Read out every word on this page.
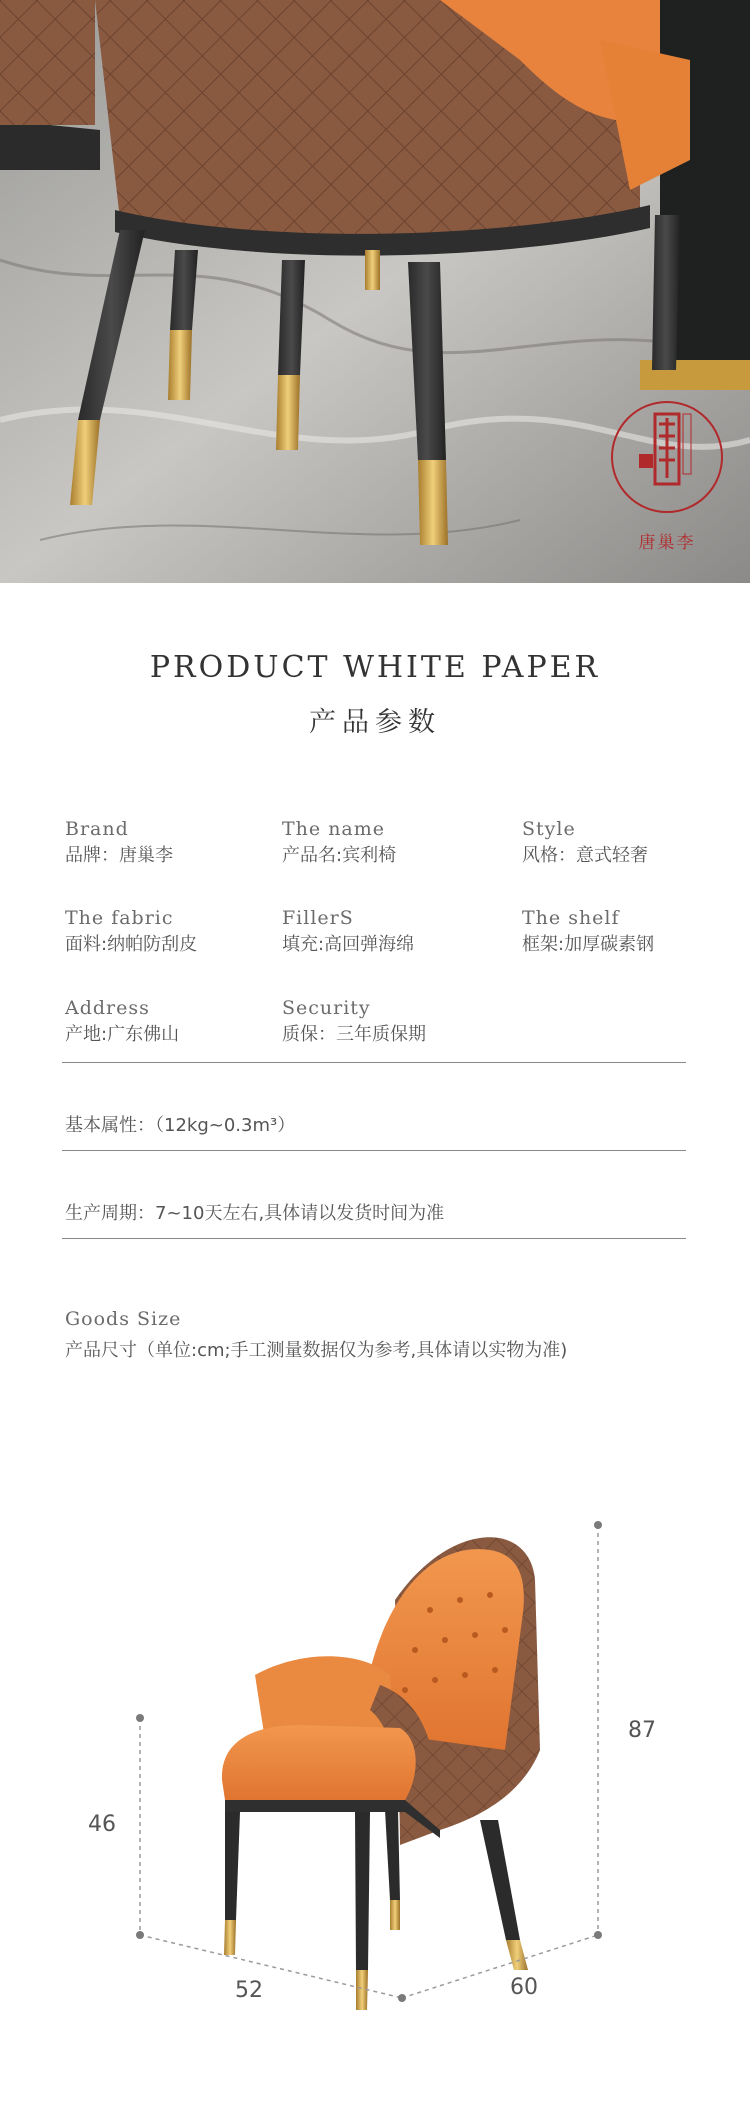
唐巢李
PRODUCT WHITE PAPER
产品参数
Brand
品牌：唐巢李
The name
产品名:宾利椅
Style
风格：意式轻奢
The fabric
面料:纳帕防刮皮
FillerS
填充:高回弹海绵
The shelf
框架:加厚碳素钢
Address
产地:广东佛山
Security
质保：三年质保期
基本属性：（12kg~0.3m³）
生产周期：7~10天左右,具体请以发货时间为准
Goods Size
产品尺寸（单位:cm;手工测量数据仅为参考,具体请以实物为准)
87
46
52	60
